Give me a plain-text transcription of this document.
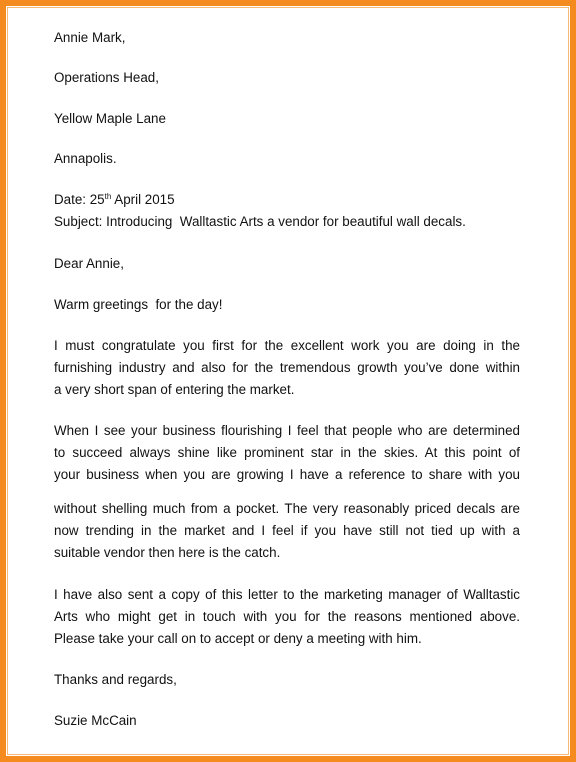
Annie Mark,
Operations Head,
Yellow Maple Lane
Annapolis.
Date: 25th April 2015
Subject: Introducing  Walltastic Arts a vendor for beautiful wall decals.
Dear Annie,
Warm greetings  for the day!
I must congratulate you first for the excellent work you are doing in the
furnishing industry and also for the tremendous growth you’ve done within
a very short span of entering the market.
When I see your business flourishing I feel that people who are determined
to succeed always shine like prominent star in the skies. At this point of
your business when you are growing I have a reference to share with you
without shelling much from a pocket. The very reasonably priced decals are
now trending in the market and I feel if you have still not tied up with a
suitable vendor then here is the catch.
I have also sent a copy of this letter to the marketing manager of Walltastic
Arts who might get in touch with you for the reasons mentioned above.
Please take your call on to accept or deny a meeting with him.
Thanks and regards,
Suzie McCain
